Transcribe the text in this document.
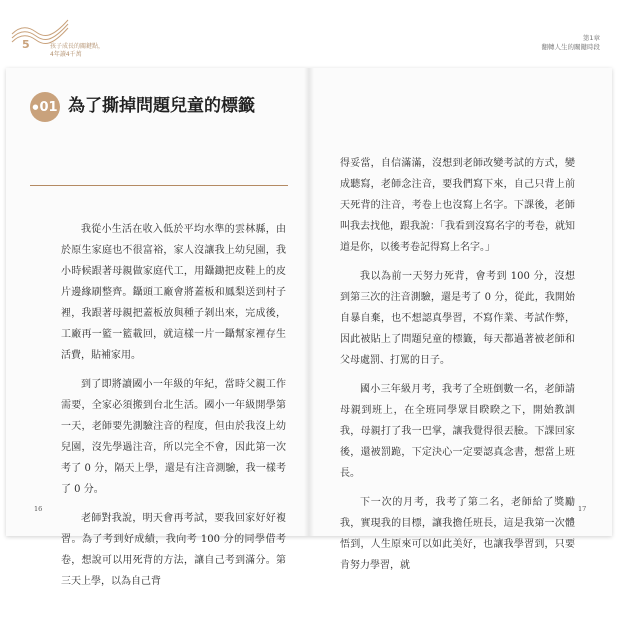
5	孩子成長的關鍵點，
4年讀4千萬
第1章
翻轉人生的關鍵時段
● 01 為了撕掉問題兒童的標籤

我從小生活在收入低於平均水準的雲林縣，由於原生家庭也不很富裕，家人沒讓我上幼兒園，我小時候跟著母親做家庭代工，用鑷鋤把皮鞋上的皮片邊緣刷整齊。鑷頭工廠會將蓋板和鳳梨送到村子裡，我跟著母親把蓋板放與種子剝出來，完成後，工廠再一籃一籃載回，就這樣一片一鑷幫家裡存生活費，貼補家用。

到了即將讀國小一年級的年紀，當時父親工作需要，全家必須搬到台北生活。國小一年級開學第一天，老師要先測驗注音的程度，但由於我沒上幼兒園，沒先學過注音，所以完全不會，因此第一次考了 0 分，隔天上學，還是有注音測驗，我一樣考了 0 分。

老師對我說，明天會再考試，要我回家好好複習。為了考到好成績，我向考 100 分的同學借考卷，想說可以用死背的方法，讓自己考到滿分。第三天上學，以為自己背

得妥當，自信滿滿，沒想到老師改變考試的方式，變成聽寫，老師念注音，要我們寫下來，自己只背上前天死背的注音，考卷上也沒寫上名字。下課後，老師叫我去找他，跟我說：「我看到沒寫名字的考卷，就知道是你，以後考卷記得寫上名字。」

我以為前一天努力死背，會考到 100 分，沒想到第三次的注音測驗，還是考了 0 分，從此，我開始自暴自棄，也不想認真學習，不寫作業、考試作弊，因此被貼上了問題兒童的標籤，每天都過著被老師和父母處罰、打罵的日子。

國小三年級月考，我考了全班倒數一名，老師請母親到班上，在全班同學眾目睽睽之下，開始教訓我，母親打了我一巴掌，讓我覺得很丟臉。下課回家後，還被罰跪，下定決心一定要認真念書，想當上班長。

下一次的月考，我考了第二名，老師給了獎勵我，實現我的目標，讓我擔任班長，這是我第一次體悟到，人生原來可以如此美好，也讓我學習到，只要肯努力學習，就

16	17
